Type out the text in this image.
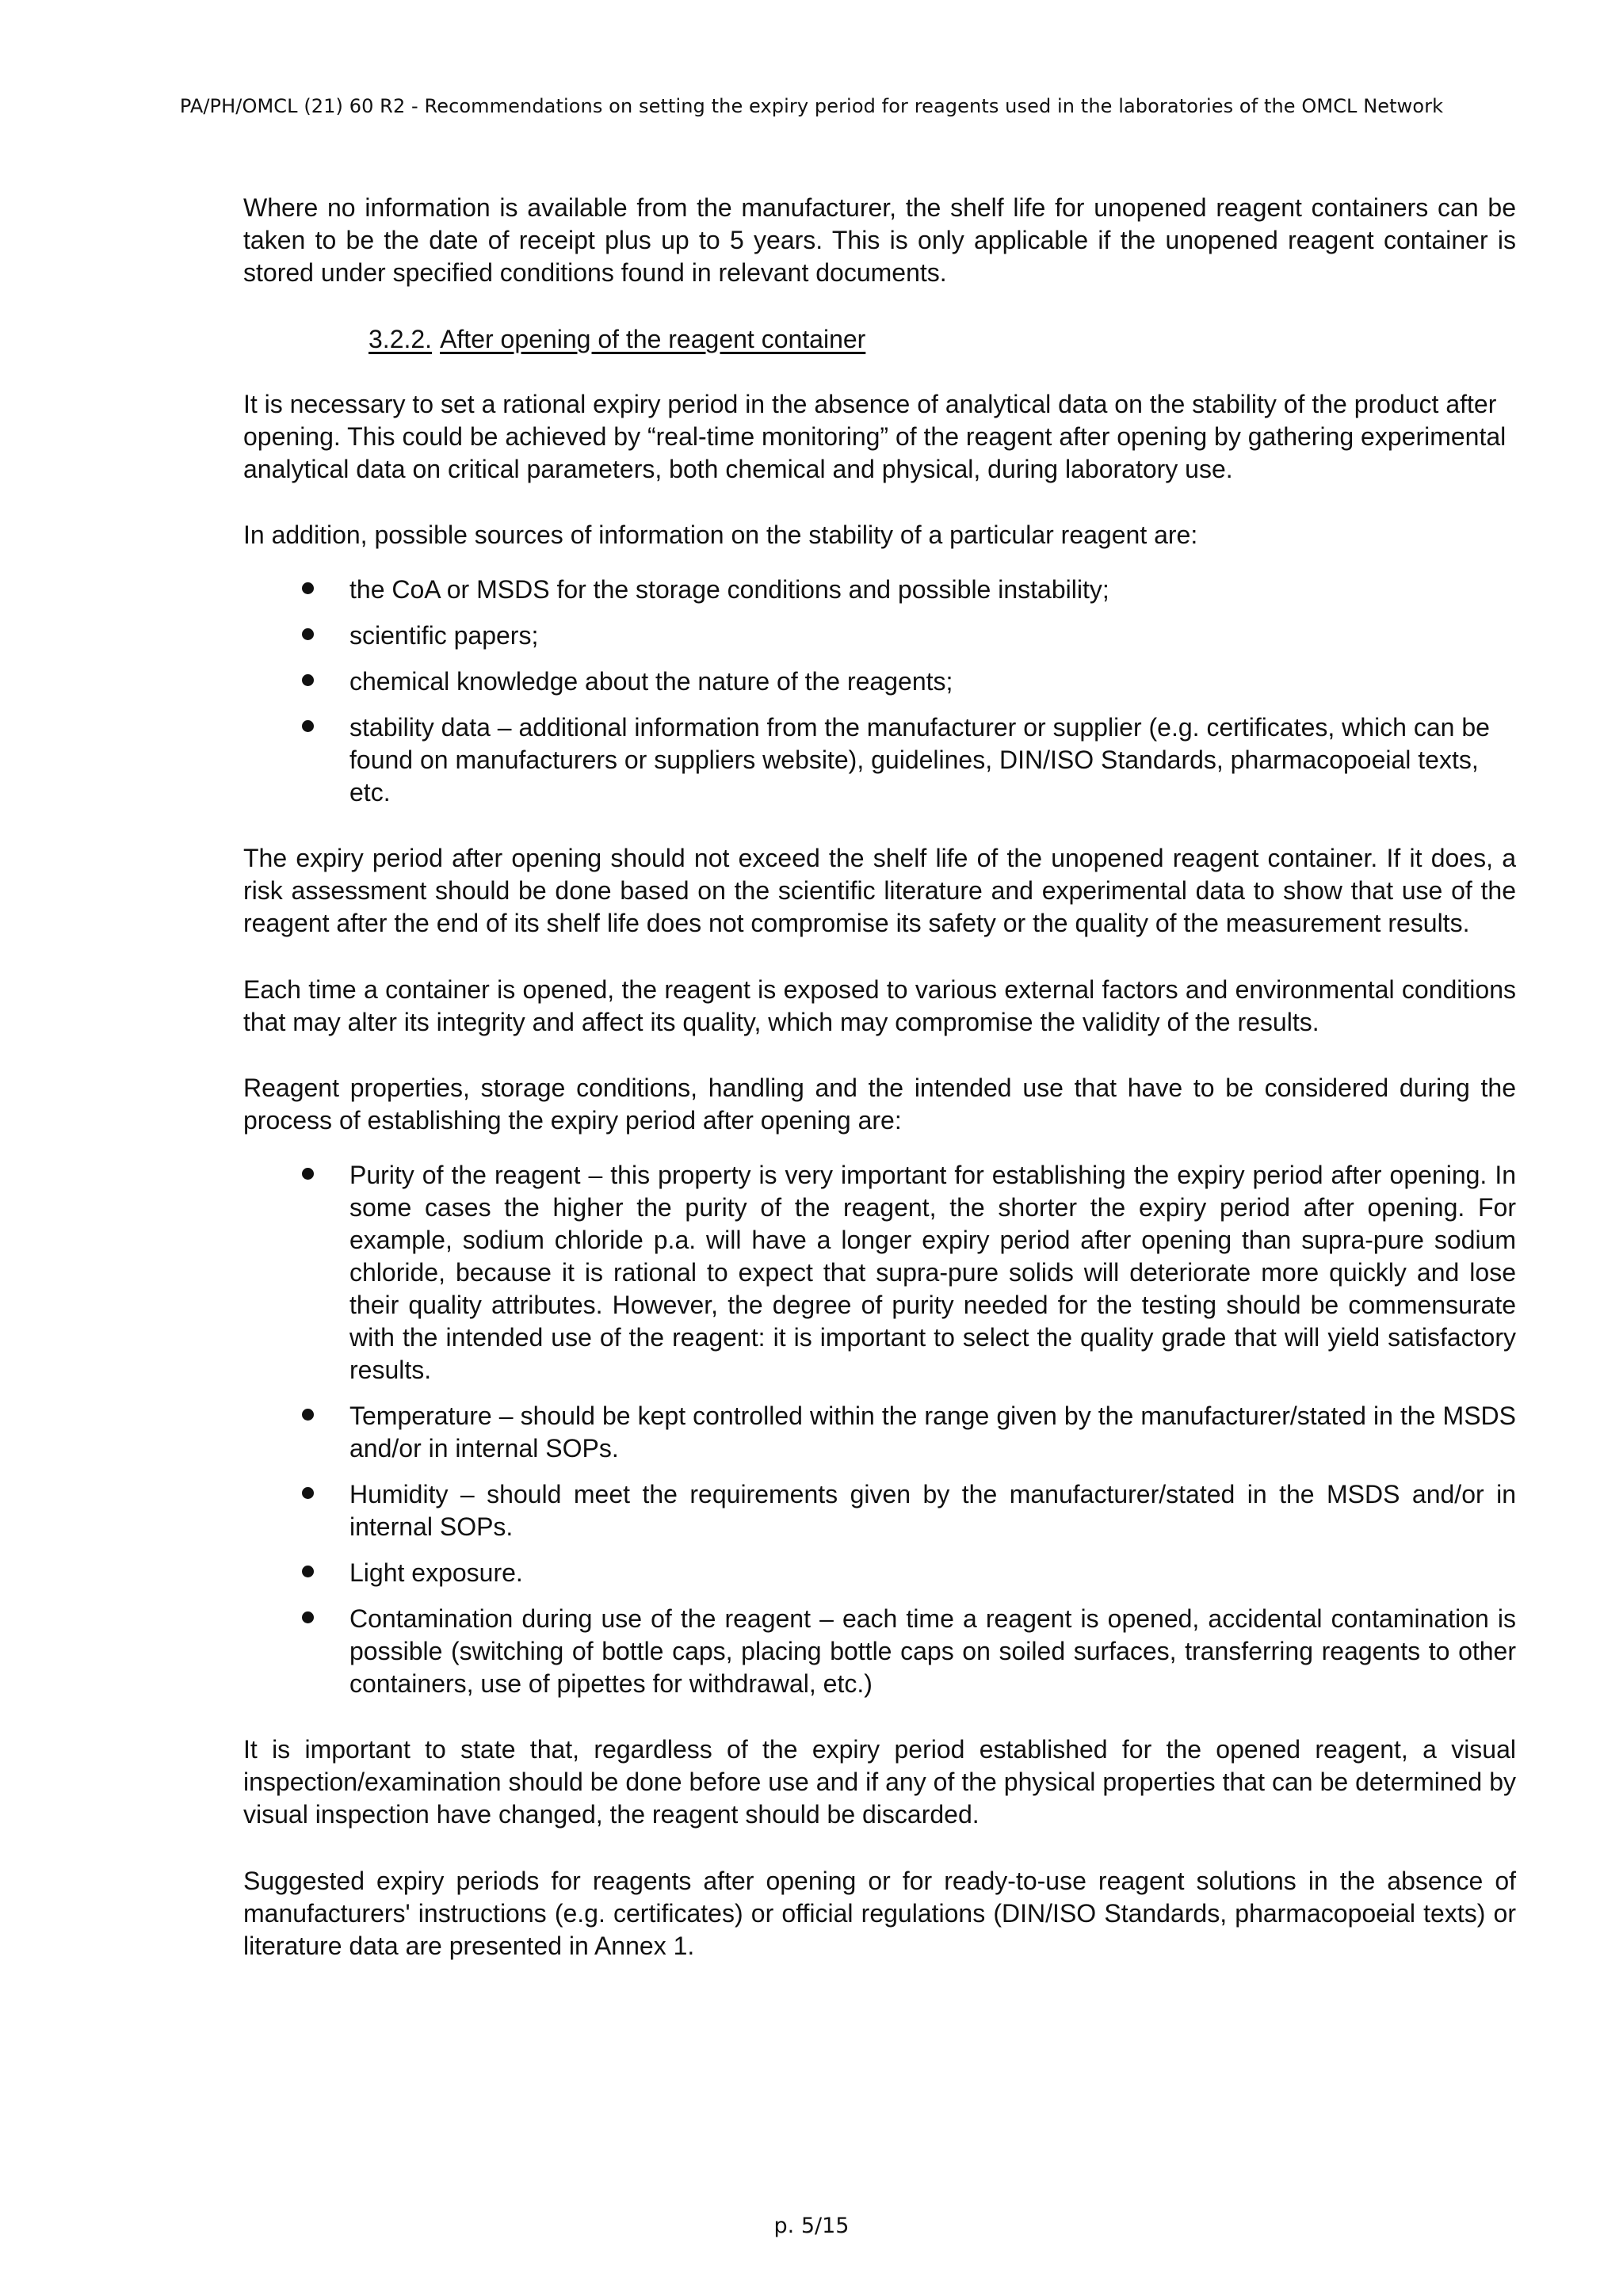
PA/PH/OMCL (21) 60 R2 - Recommendations on setting the expiry period for reagents used in the laboratories of the OMCL Network

Where no information is available from the manufacturer, the shelf life for unopened reagent containers can be taken to be the date of receipt plus up to 5 years. This is only applicable if the unopened reagent container is stored under specified conditions found in relevant documents.

3.2.2. After opening of the reagent container

It is necessary to set a rational expiry period in the absence of analytical data on the stability of the product after opening. This could be achieved by “real-time monitoring” of the reagent after opening by gathering experimental analytical data on critical parameters, both chemical and physical, during laboratory use.

In addition, possible sources of information on the stability of a particular reagent are:

the CoA or MSDS for the storage conditions and possible instability;
scientific papers;
chemical knowledge about the nature of the reagents;
stability data – additional information from the manufacturer or supplier (e.g. certificates, which can be found on manufacturers or suppliers website), guidelines, DIN/ISO Standards, pharmacopoeial texts, etc.

The expiry period after opening should not exceed the shelf life of the unopened reagent container. If it does, a risk assessment should be done based on the scientific literature and experimental data to show that use of the reagent after the end of its shelf life does not compromise its safety or the quality of the measurement results.

Each time a container is opened, the reagent is exposed to various external factors and environmental conditions that may alter its integrity and affect its quality, which may compromise the validity of the results.

Reagent properties, storage conditions, handling and the intended use that have to be considered during the process of establishing the expiry period after opening are:

Purity of the reagent – this property is very important for establishing the expiry period after opening. In some cases the higher the purity of the reagent, the shorter the expiry period after opening. For example, sodium chloride p.a. will have a longer expiry period after opening than supra-pure sodium chloride, because it is rational to expect that supra-pure solids will deteriorate more quickly and lose their quality attributes. However, the degree of purity needed for the testing should be commensurate with the intended use of the reagent: it is important to select the quality grade that will yield satisfactory results.
Temperature – should be kept controlled within the range given by the manufacturer/stated in the MSDS and/or in internal SOPs.
Humidity – should meet the requirements given by the manufacturer/stated in the MSDS and/or in internal SOPs.
Light exposure.
Contamination during use of the reagent – each time a reagent is opened, accidental contamination is possible (switching of bottle caps, placing bottle caps on soiled surfaces, transferring reagents to other containers, use of pipettes for withdrawal, etc.)

It is important to state that, regardless of the expiry period established for the opened reagent, a visual inspection/examination should be done before use and if any of the physical properties that can be determined by visual inspection have changed, the reagent should be discarded.

Suggested expiry periods for reagents after opening or for ready-to-use reagent solutions in the absence of manufacturers' instructions (e.g. certificates) or official regulations (DIN/ISO Standards, pharmacopoeial texts) or literature data are presented in Annex 1.

p. 5/15
